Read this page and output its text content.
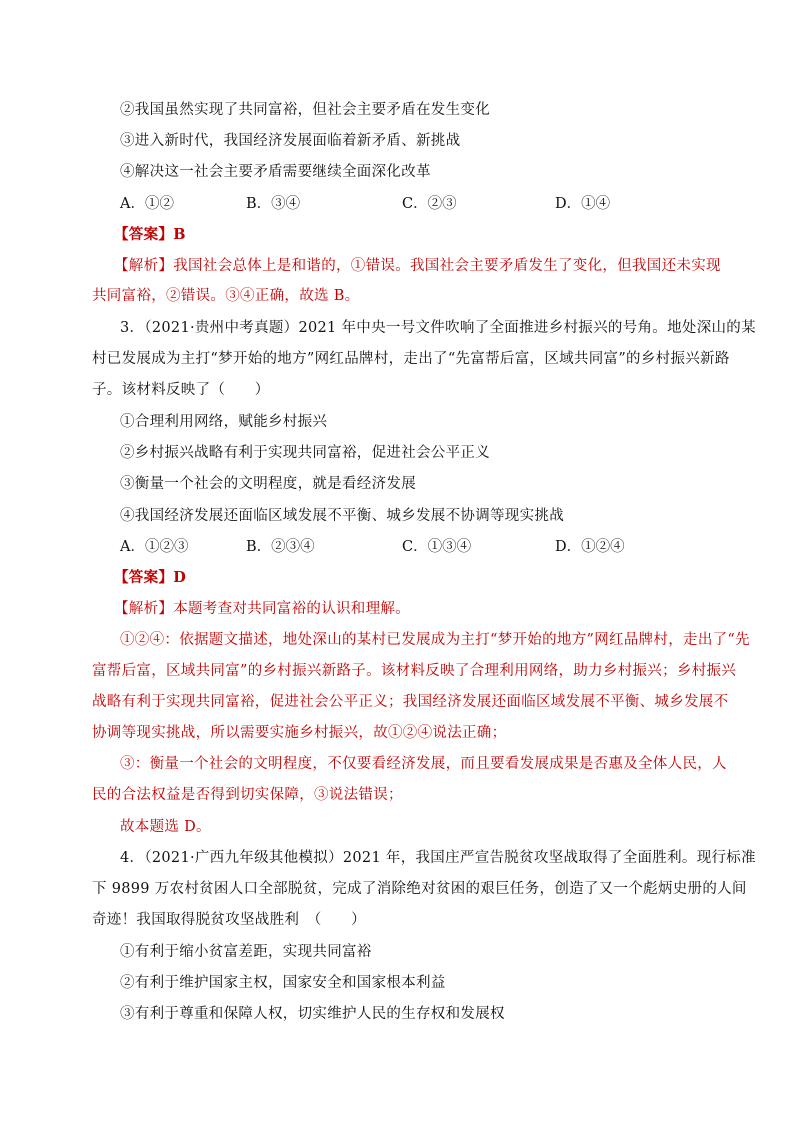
②我国虽然实现了共同富裕，但社会主要矛盾在发生变化
③进入新时代，我国经济发展面临着新矛盾、新挑战
④解决这一社会主要矛盾需要继续全面深化改革
A．①②	B．③④	C．②③	D．①④
【答案】B
【解析】我国社会总体上是和谐的，①错误。我国社会主要矛盾发生了变化，但我国还未实现
共同富裕，②错误。③④正确，故选 B。
3．（2021·贵州中考真题）2021 年中央一号文件吹响了全面推进乡村振兴的号角。地处深山的某
村已发展成为主打“梦开始的地方”网红品牌村，走出了“先富帮后富，区域共同富”的乡村振兴新路
子。该材料反映了（　　）
①合理利用网络，赋能乡村振兴
②乡村振兴战略有利于实现共同富裕，促进社会公平正义
③衡量一个社会的文明程度，就是看经济发展
④我国经济发展还面临区域发展不平衡、城乡发展不协调等现实挑战
A．①②③	B．②③④	C．①③④	D．①②④
【答案】D
【解析】本题考查对共同富裕的认识和理解。
①②④：依据题文描述，地处深山的某村已发展成为主打“梦开始的地方”网红品牌村，走出了“先
富帮后富，区域共同富”的乡村振兴新路子。该材料反映了合理利用网络，助力乡村振兴；乡村振兴
战略有利于实现共同富裕，促进社会公平正义；我国经济发展还面临区域发展不平衡、城乡发展不
协调等现实挑战，所以需要实施乡村振兴，故①②④说法正确；
③：衡量一个社会的文明程度，不仅要看经济发展，而且要看发展成果是否惠及全体人民，人
民的合法权益是否得到切实保障，③说法错误；
故本题选 D。
4．（2021·广西九年级其他模拟）2021 年，我国庄严宣告脱贫攻坚战取得了全面胜利。现行标准
下 9899 万农村贫困人口全部脱贫，完成了消除绝对贫困的艰巨任务，创造了又一个彪炳史册的人间
奇迹！我国取得脱贫攻坚战胜利　（　　）
①有利于缩小贫富差距，实现共同富裕
②有利于维护国家主权，国家安全和国家根本利益
③有利于尊重和保障人权，切实维护人民的生存权和发展权
